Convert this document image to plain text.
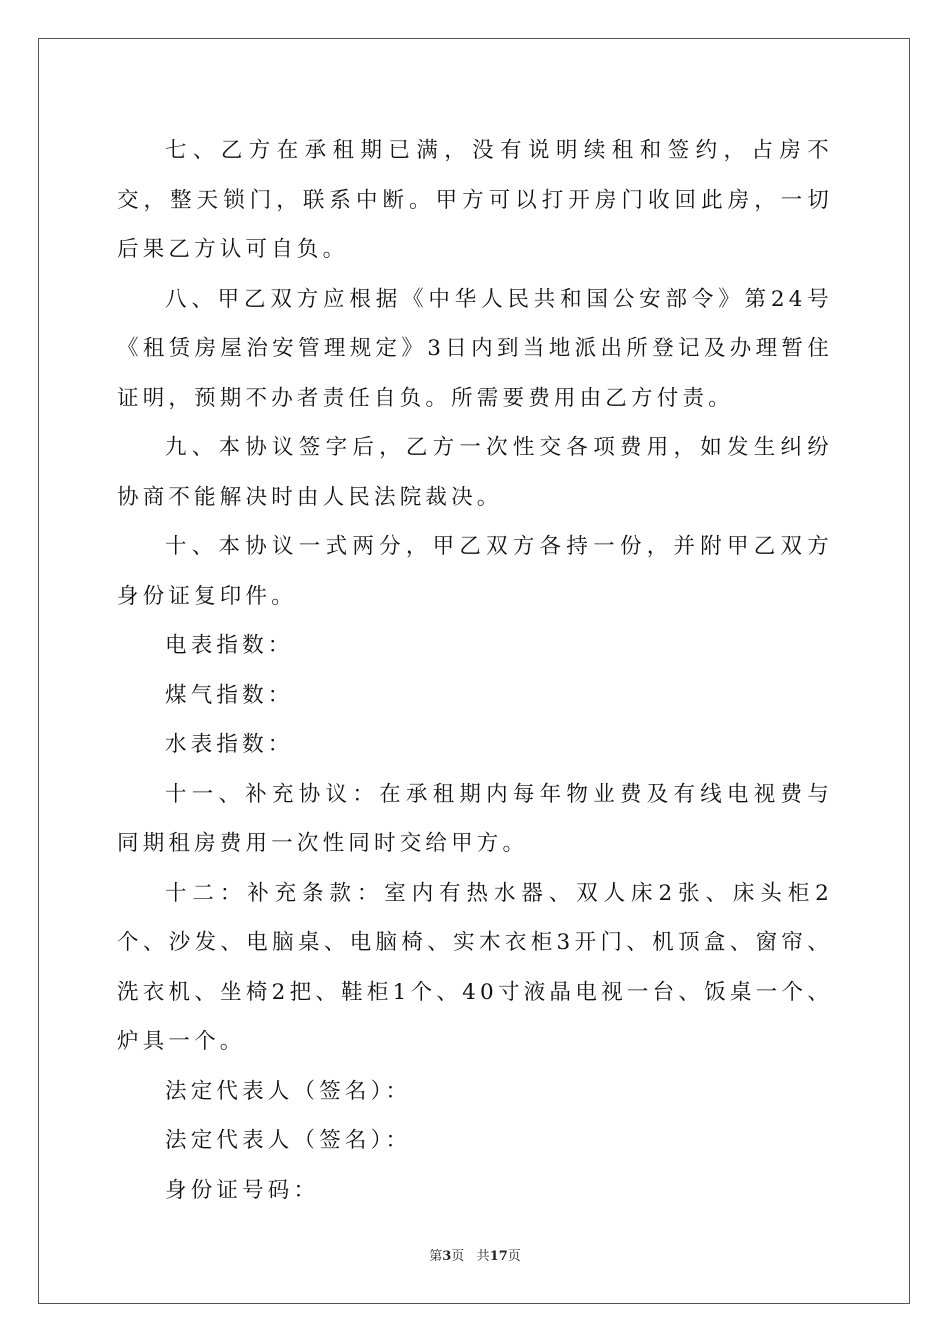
七、乙方在承租期已满，没有说明续租和签约，占房不交，整天锁门，联系中断。甲方可以打开房门收回此房，一切后果乙方认可自负。

八、甲乙双方应根据《中华人民共和国公安部令》第24号《租赁房屋治安管理规定》3日内到当地派出所登记及办理暂住证明，预期不办者责任自负。所需要费用由乙方付责。

九、本协议签字后，乙方一次性交各项费用，如发生纠纷协商不能解决时由人民法院裁决。

十、本协议一式两分，甲乙双方各持一份，并附甲乙双方身份证复印件。

电表指数：

煤气指数：

水表指数：

十一、补充协议：在承租期内每年物业费及有线电视费与同期租房费用一次性同时交给甲方。

十二：补充条款：室内有热水器、双人床2张、床头柜2个、沙发、电脑桌、电脑椅、实木衣柜3开门、机顶盒、窗帘、洗衣机、坐椅2把、鞋柜1个、40寸液晶电视一台、饭桌一个、炉具一个。

法定代表人（签名）：

法定代表人（签名）：

身份证号码：

第3页 共17页
